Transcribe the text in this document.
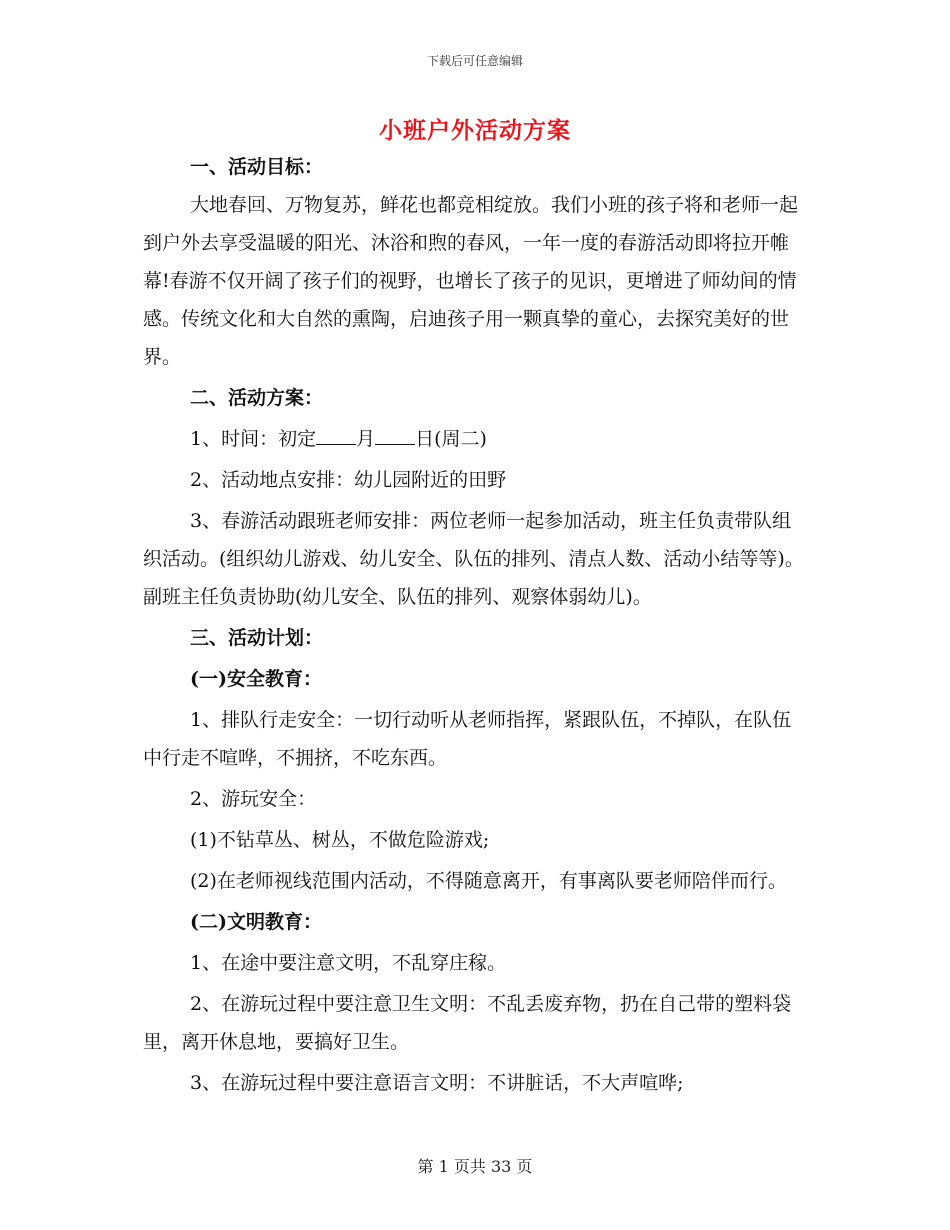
下载后可任意编辑
小班户外活动方案

一、活动目标：

大地春回、万物复苏，鲜花也都竞相绽放。我们小班的孩子将和老师一起到户外去享受温暖的阳光、沐浴和煦的春风，一年一度的春游活动即将拉开帷幕!春游不仅开阔了孩子们的视野，也增长了孩子的见识，更增进了师幼间的情感。传统文化和大自然的熏陶，启迪孩子用一颗真挚的童心，去探究美好的世界。

二、活动方案：

1、时间：初定 月 日(周二)

2、活动地点安排：幼儿园附近的田野

3、春游活动跟班老师安排：两位老师一起参加活动，班主任负责带队组织活动。(组织幼儿游戏、幼儿安全、队伍的排列、清点人数、活动小结等等)。副班主任负责协助(幼儿安全、队伍的排列、观察体弱幼儿)。

三、活动计划：

(一)安全教育：

1、排队行走安全：一切行动听从老师指挥，紧跟队伍，不掉队，在队伍中行走不喧哗，不拥挤，不吃东西。

2、游玩安全：

(1)不钻草丛、树丛，不做危险游戏;

(2)在老师视线范围内活动，不得随意离开，有事离队要老师陪伴而行。

(二)文明教育：

1、在途中要注意文明，不乱穿庄稼。

2、在游玩过程中要注意卫生文明：不乱丢废弃物，扔在自己带的塑料袋里，离开休息地，要搞好卫生。

3、在游玩过程中要注意语言文明：不讲脏话，不大声喧哗;

第 1 页共 33 页
